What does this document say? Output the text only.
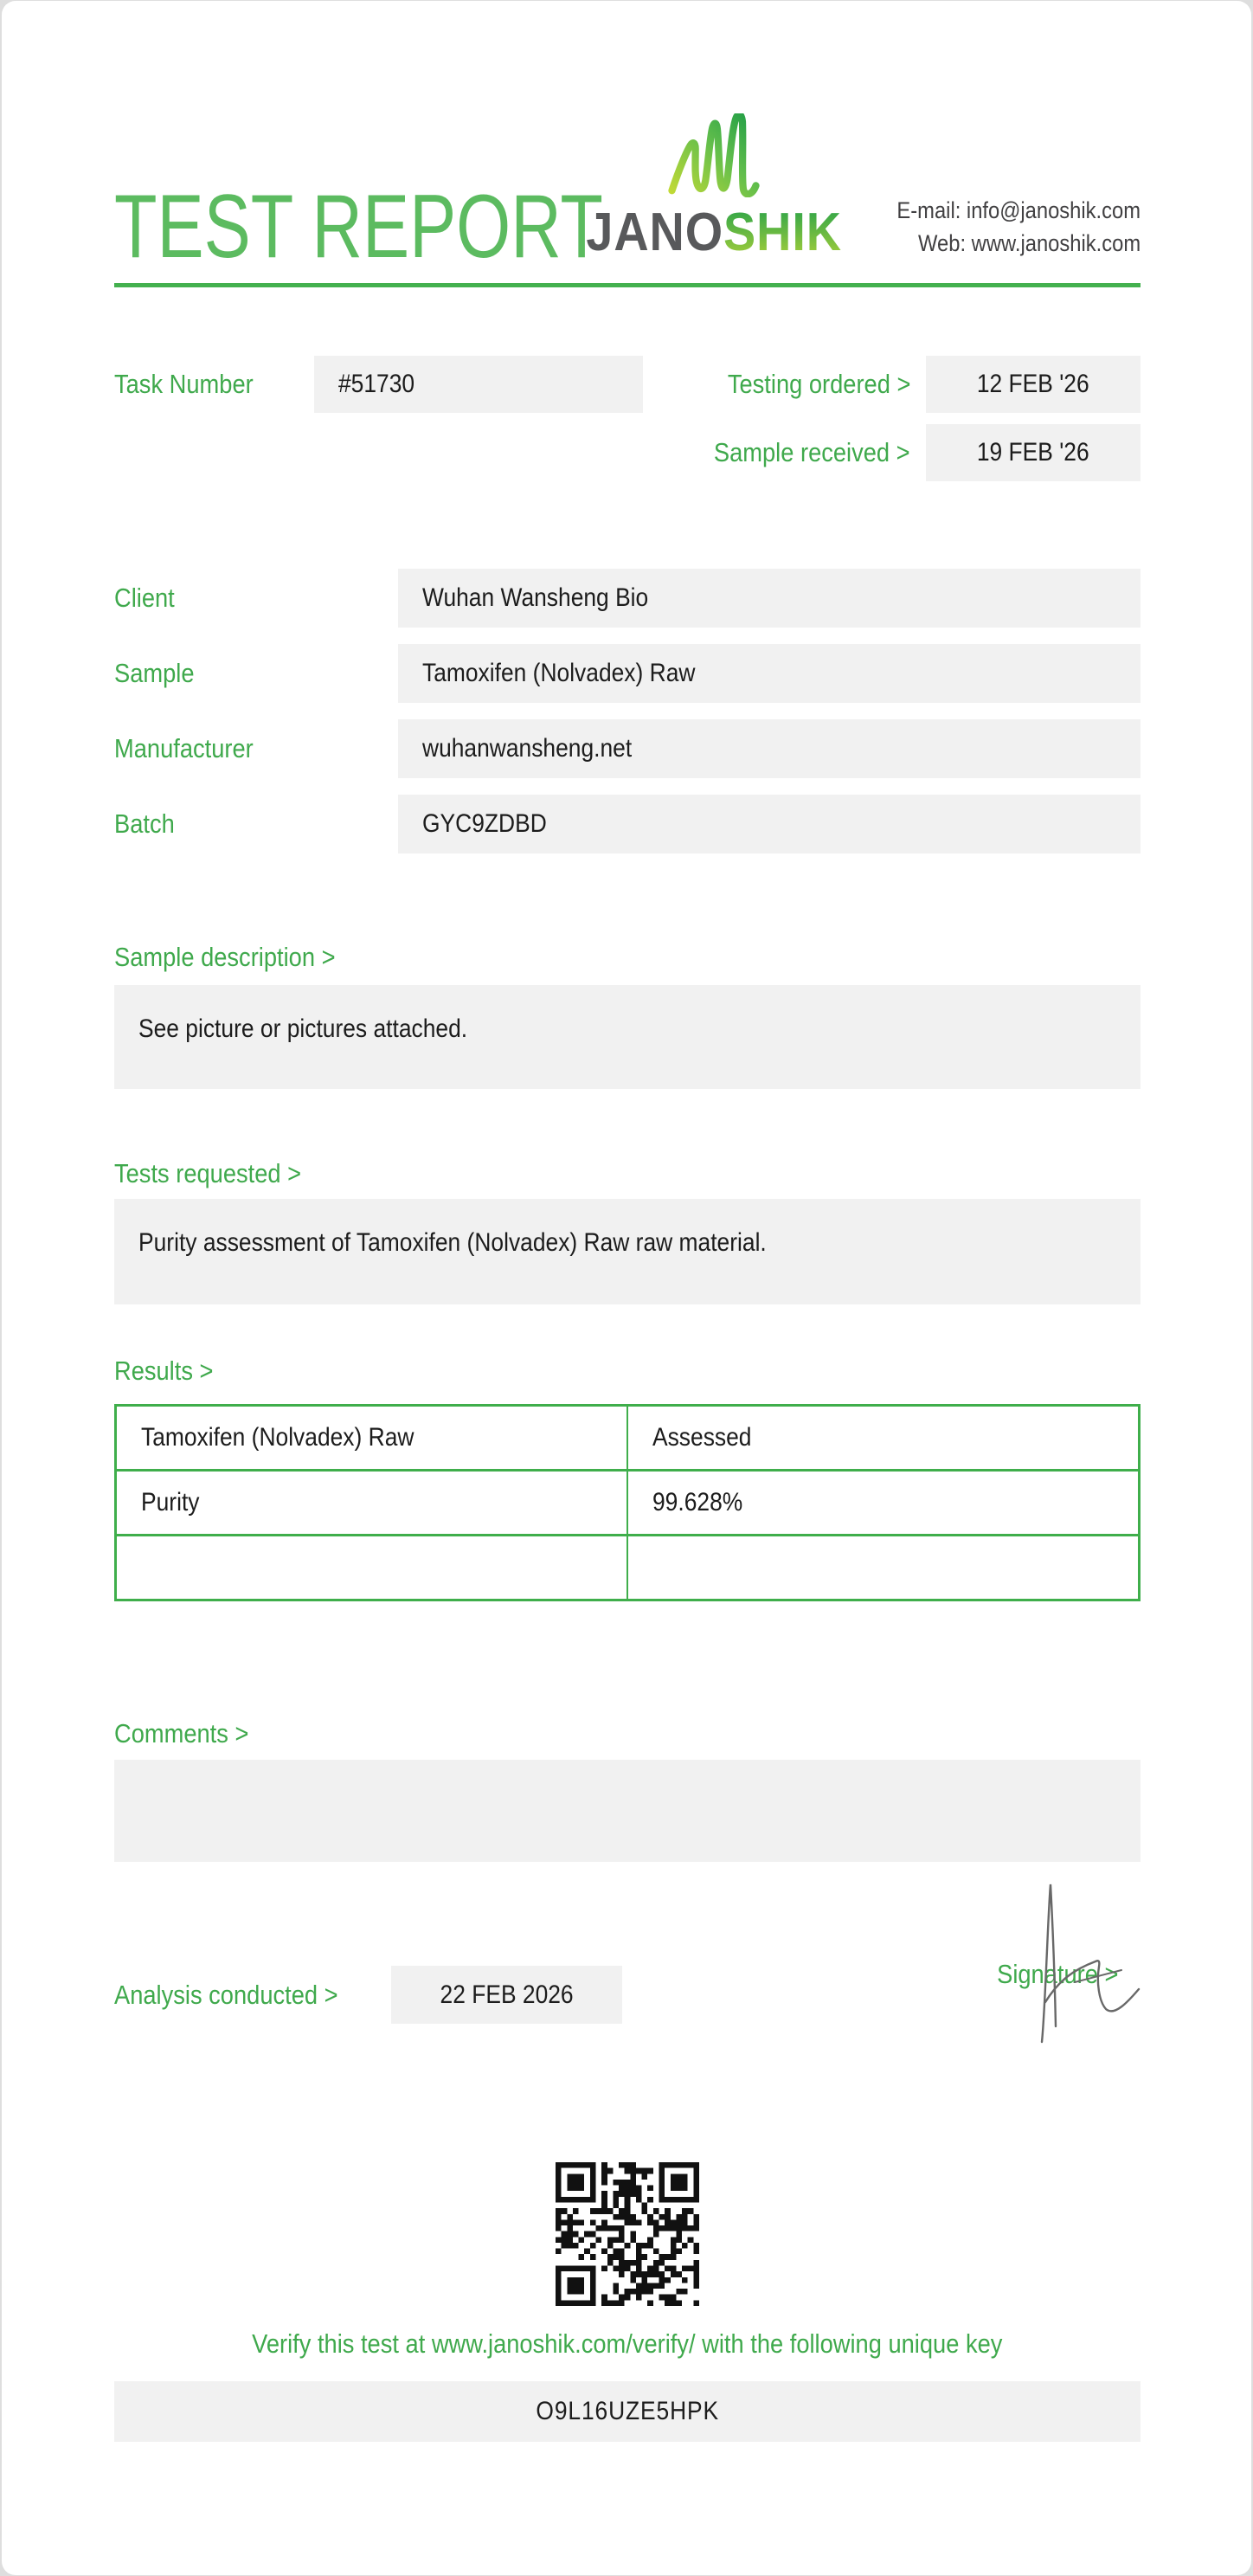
TEST REPORT
JANOSHIK	E-mail: info@janoshik.com
Web: www.janoshik.com
Task Number	#51730	Testing ordered >	12 FEB '26
Sample received >	19 FEB '26
Client	Wuhan Wansheng Bio
Sample	Tamoxifen (Nolvadex) Raw
Manufacturer	wuhanwansheng.net
Batch	GYC9ZDBD
Sample description >
See picture or pictures attached.
Tests requested >
Purity assessment of Tamoxifen (Nolvadex) Raw raw material.
Results >
Tamoxifen (Nolvadex) Raw	Assessed
Purity	99.628%
Comments >
Analysis conducted >	22 FEB 2026
Signature >
Verify this test at www.janoshik.com/verify/ with the following unique key
O9L16UZE5HPK
